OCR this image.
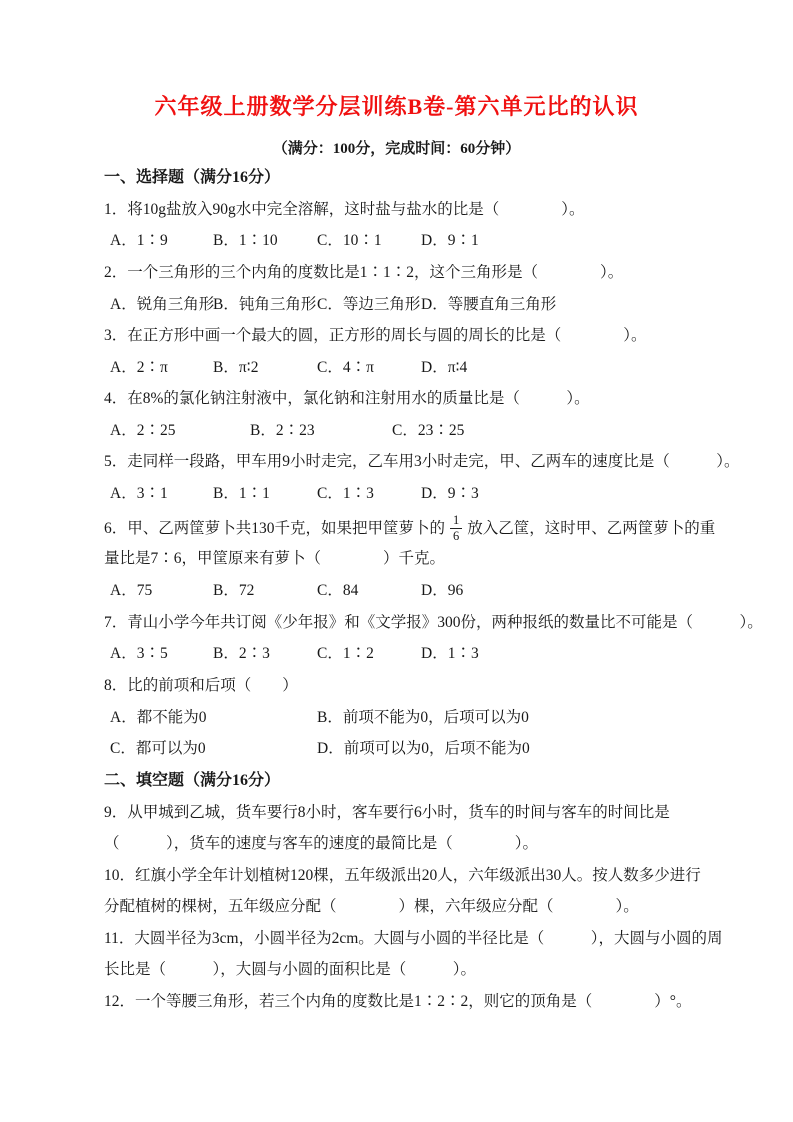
六年级上册数学分层训练B卷-第六单元比的认识
（满分：100分，完成时间：60分钟）
一、选择题（满分16分）
1．将10g盐放入90g水中完全溶解，这时盐与盐水的比是（　　　　）。
A．1∶9	B．1∶10	C．10∶1	D．9∶1
2．一个三角形的三个内角的度数比是1∶1∶2，这个三角形是（　　　　）。
A．锐角三角形
B．钝角三角形 C．等边三角形 D．等腰直角三角形
3．在正方形中画一个最大的圆，正方形的周长与圆的周长的比是（　　　　）。
A．2∶π	B．π∶2	C．4∶π	D．π∶4
4．在8%的氯化钠注射液中，氯化钠和注射用水的质量比是（　　　）。
A．2∶25	B．2∶23	C．23∶25
5．走同样一段路，甲车用9小时走完，乙车用3小时走完，甲、乙两车的速度比是（　　　）。
A．3∶1	B．1∶1	C．1∶3	D．9∶3
6．甲、乙两筐萝卜共130千克，如果把甲筐萝卜的 $\frac{1}{6}$ 放入乙筐，这时甲、乙两筐萝卜的重
量比是7∶6，甲筐原来有萝卜（　　　　）千克。
A．75	B．72	C．84	D．96
7．青山小学今年共订阅《少年报》和《文学报》300份，两种报纸的数量比不可能是（　　　）。
A．3∶5	B．2∶3	C．1∶2	D．1∶3
8．比的前项和后项（　　）
A．都不能为0	B．前项不能为0，后项可以为0
C．都可以为0	D．前项可以为0，后项不能为0
二、填空题（满分16分）
9．从甲城到乙城，货车要行8小时，客车要行6小时，货车的时间与客车的时间比是
（　　　），货车的速度与客车的速度的最简比是（　　　　）。
10．红旗小学全年计划植树120棵，五年级派出20人，六年级派出30人。按人数多少进行
分配植树的棵树，五年级应分配（　　　　）棵，六年级应分配（　　　　）。
11．大圆半径为3cm，小圆半径为2cm。大圆与小圆的半径比是（　　　），大圆与小圆的周
长比是（　　　），大圆与小圆的面积比是（　　　）。
12．一个等腰三角形，若三个内角的度数比是1∶2∶2，则它的顶角是（　　　　）°。
